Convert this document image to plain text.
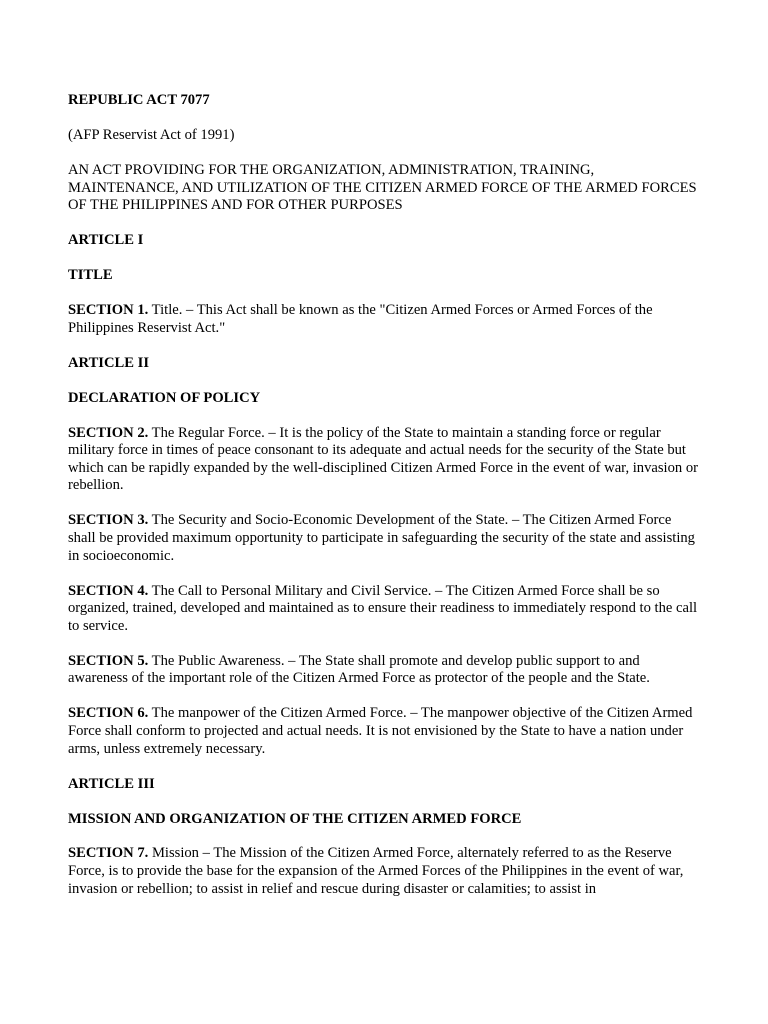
REPUBLIC ACT 7077
(AFP Reservist Act of 1991)
AN ACT PROVIDING FOR THE ORGANIZATION, ADMINISTRATION, TRAINING, MAINTENANCE, AND UTILIZATION OF THE CITIZEN ARMED FORCE OF THE ARMED FORCES OF THE PHILIPPINES AND FOR OTHER PURPOSES
ARTICLE I
TITLE
SECTION 1. Title. – This Act shall be known as the "Citizen Armed Forces or Armed Forces of the Philippines Reservist Act."
ARTICLE II
DECLARATION OF POLICY
SECTION 2. The Regular Force. – It is the policy of the State to maintain a standing force or regular military force in times of peace consonant to its adequate and actual needs for the security of the State but which can be rapidly expanded by the well-disciplined Citizen Armed Force in the event of war, invasion or rebellion.
SECTION 3. The Security and Socio-Economic Development of the State. – The Citizen Armed Force shall be provided maximum opportunity to participate in safeguarding the security of the state and assisting in socioeconomic.
SECTION 4. The Call to Personal Military and Civil Service. – The Citizen Armed Force shall be so organized, trained, developed and maintained as to ensure their readiness to immediately respond to the call to service.
SECTION 5. The Public Awareness. – The State shall promote and develop public support to and awareness of the important role of the Citizen Armed Force as protector of the people and the State.
SECTION 6. The manpower of the Citizen Armed Force. – The manpower objective of the Citizen Armed Force shall conform to projected and actual needs. It is not envisioned by the State to have a nation under arms, unless extremely necessary.
ARTICLE III
MISSION AND ORGANIZATION OF THE CITIZEN ARMED FORCE
SECTION 7. Mission – The Mission of the Citizen Armed Force, alternately referred to as the Reserve Force, is to provide the base for the expansion of the Armed Forces of the Philippines in the event of war, invasion or rebellion; to assist in relief and rescue during disaster or calamities; to assist in
